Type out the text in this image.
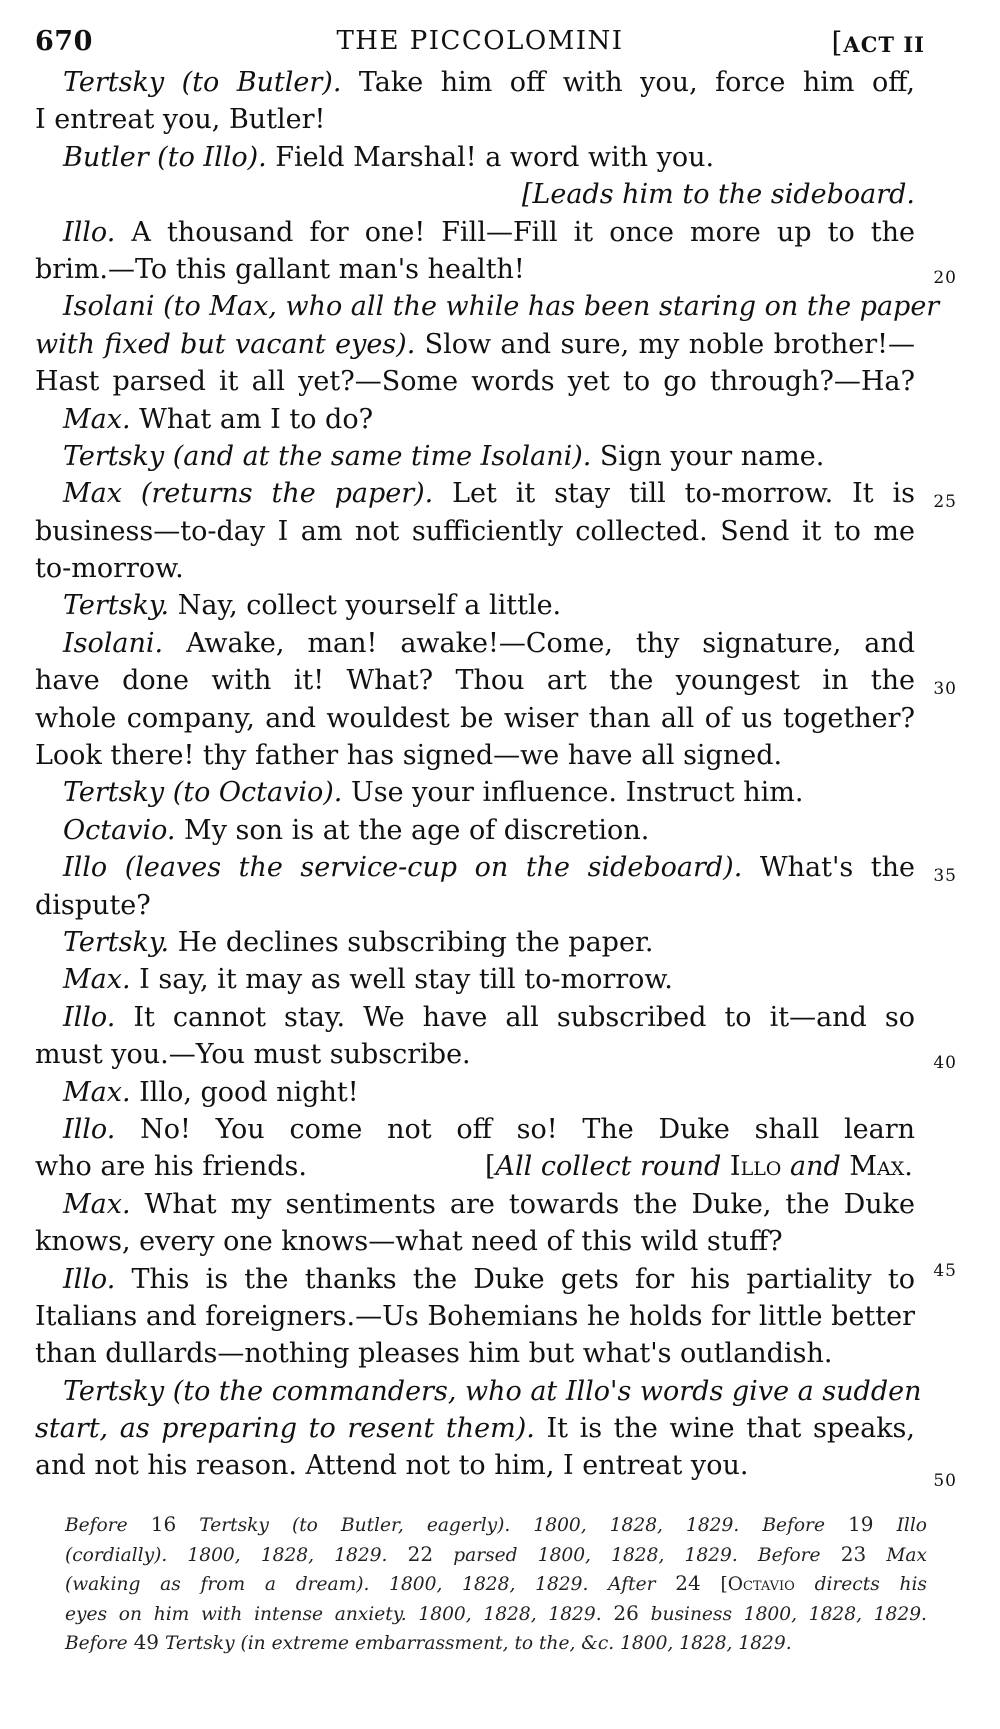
670	THE PICCOLOMINI	[ACT II
Tertsky (to Butler). Take him off with you, force him off,
I entreat you, Butler!
Butler (to Illo). Field Marshal! a word with you.
[Leads him to the sideboard.
Illo. A thousand for one! Fill—Fill it once more up to the
brim.—To this gallant man's health!	20
Isolani (to Max, who all the while has been staring on the paper
with fixed but vacant eyes). Slow and sure, my noble brother!—
Hast parsed it all yet?—Some words yet to go through?—Ha?
Max. What am I to do?
Tertsky (and at the same time Isolani). Sign your name.
Max (returns the paper). Let it stay till to-morrow. It is 25
business—to-day I am not sufficiently collected. Send it to me
to-morrow.
Tertsky. Nay, collect yourself a little.
Isolani. Awake, man! awake!—Come, thy signature, and
have done with it! What? Thou art the youngest in the 30
whole company, and wouldest be wiser than all of us together?
Look there! thy father has signed—we have all signed.
Tertsky (to Octavio). Use your influence. Instruct him.
Octavio. My son is at the age of discretion.
Illo (leaves the service-cup on the sideboard). What's the 35
dispute?
Tertsky. He declines subscribing the paper.
Max. I say, it may as well stay till to-morrow.
Illo. It cannot stay. We have all subscribed to it—and so
must you.—You must subscribe.	40
Max. Illo, good night!
Illo. No! You come not off so! The Duke shall learn
who are his friends.	[All collect round Illo and Max.
Max. What my sentiments are towards the Duke, the Duke
knows, every one knows—what need of this wild stuff?
Illo. This is the thanks the Duke gets for his partiality to 45
Italians and foreigners.—Us Bohemians he holds for little better
than dullards—nothing pleases him but what's outlandish.
Tertsky (to the commanders, who at Illo's words give a sudden
start, as preparing to resent them). It is the wine that speaks,
and not his reason. Attend not to him, I entreat you.	50
Before 16 Tertsky (to Butler, eagerly). 1800, 1828, 1829. Before 19 Illo
(cordially). 1800, 1828, 1829. 22 parsed 1800, 1828, 1829. Before 23 Max
(waking as from a dream). 1800, 1828, 1829. After 24 [Octavio directs his
eyes on him with intense anxiety. 1800, 1828, 1829. 26 business 1800, 1828, 1829.
Before 49 Tertsky (in extreme embarrassment, to the, &c. 1800, 1828, 1829.
